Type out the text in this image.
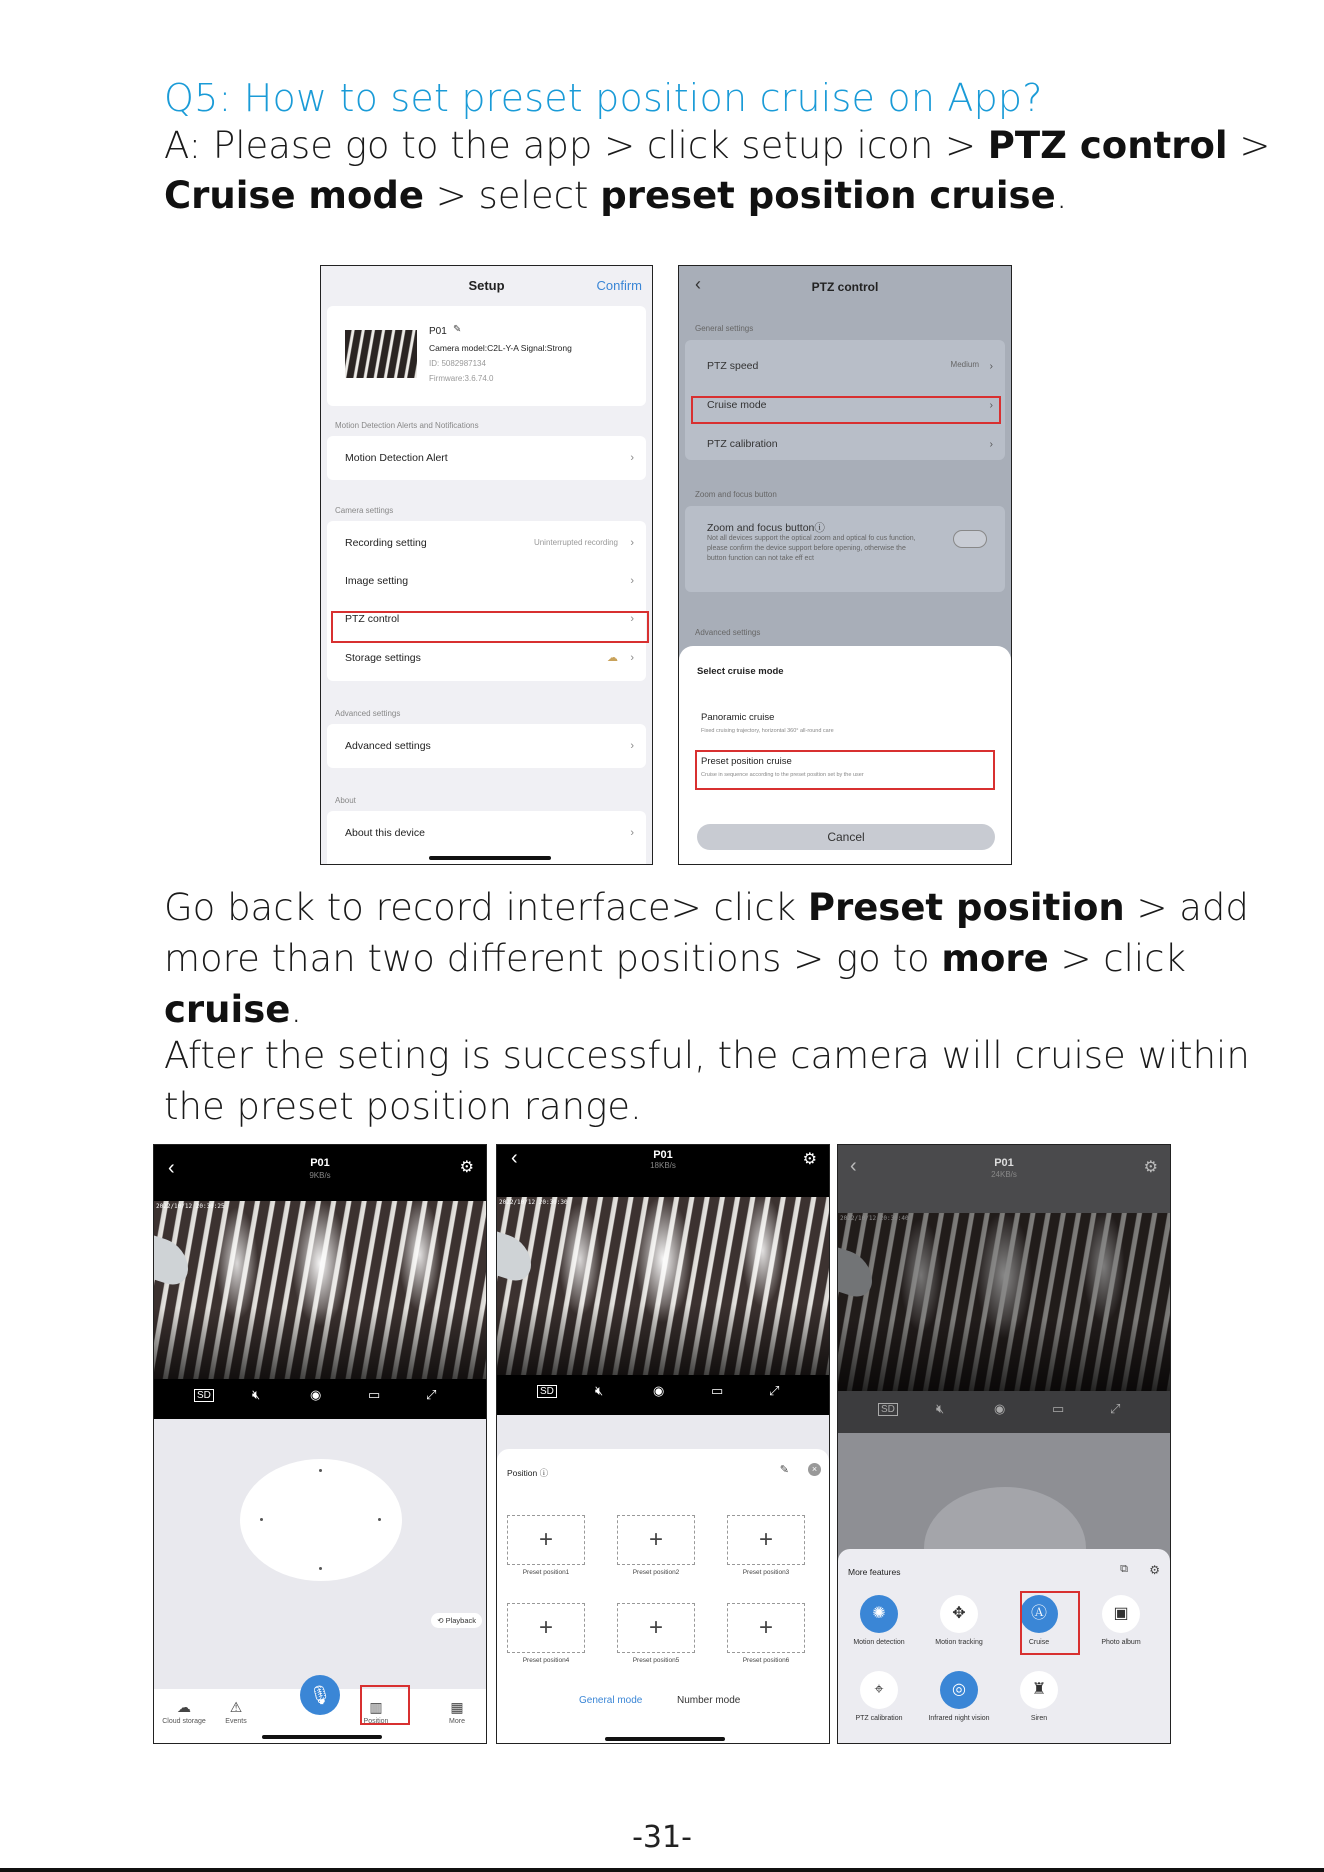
Q5: How to set preset position cruise on App?
A: Please go to the app > click setup icon > PTZ control >
Cruise mode > select preset position cruise.
Setup	Confirm
P01 ✎
Camera model:C2L-Y-A Signal:Strong
ID: 5082987134
Firmware:3.6.74.0
Motion Detection Alerts and Notifications
Motion Detection Alert	›
Camera settings
Recording setting	Uninterrupted recording ›
Image setting	›
PTZ control	›
Storage settings	☁ ›
Advanced settings
Advanced settings	›
About
About this device	›
‹	PTZ control
General settings
PTZ speed	Medium ›
Cruise mode	›
PTZ calibration	›
Zoom and focus button
Zoom and focus buttonⓘ
Not all devices support the optical zoom and optical fo cus function, please confirm the device support before opening, otherwise the button function can not take eff ect
Advanced settings
Select cruise mode
Panoramic cruise
Fixed cruising trajectory, horizontal 360° all-round care
Preset position cruise
Cruise in sequence according to the preset position set by the user
Cancel
Go back to record interface> click Preset position > add
more than two different positions > go to more > click
cruise.
After the seting is successful, the camera will cruise within
the preset position range.
‹	P01
9KB/s	⚙
2022/10/12 20:30:25
SD	🔇︎	◉	▭	⤢
⟲ Playback
☁
Cloud storage
⚠
Events
▥
Position
▦
More
🎙︎
‹	P01
18KB/s	⚙
2022/10/12 20:30:30
SD	🔇︎	◉	▭	⤢
Position ⓘ	✎	×
+	+	+
Preset position1	Preset position2	Preset position3
+	+	+
Preset position4	Preset position5	Preset position6
General mode	Number mode
‹	P01
24KB/s	⚙
2022/10/12 20:30:40
SD	🔇︎	◉	▭	⤢
More features	⧉ ⚙
✺
Motion detection
✥
Motion tracking
Ⓐ
Cruise
▣
Photo album
⌖
PTZ calibration
◎
Infrared night vision
♜
Siren
-31-
